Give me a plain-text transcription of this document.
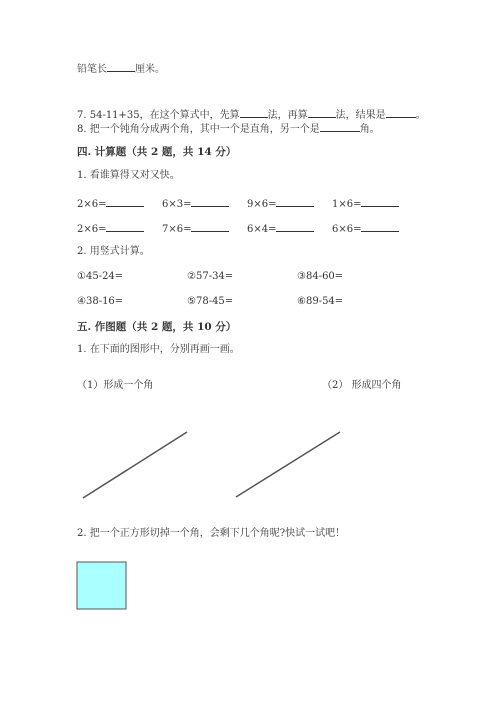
铅笔长	厘米。
7. 54-11+35，在这个算式中，先算	法，再算	法，结果是	。
8. 把一个钝角分成两个角，其中一个是直角，另一个是	角。
四. 计算题（共 2 题，共 14 分）
1. 看谁算得又对又快。
2×6=	6×3=	9×6=	1×6=
2×6=	7×6=	6×4=	6×6=
2. 用竖式计算。
①45-24=	②57-34=	③84-60=
④38-16=	⑤78-45=	⑥89-54=
五. 作图题（共 2 题，共 10 分）
1. 在下面的图形中，分别再画一画。
（1）形成一个角	（2） 形成四个角
2. 把一个正方形切掉一个角，会剩下几个角呢?快试一试吧！
